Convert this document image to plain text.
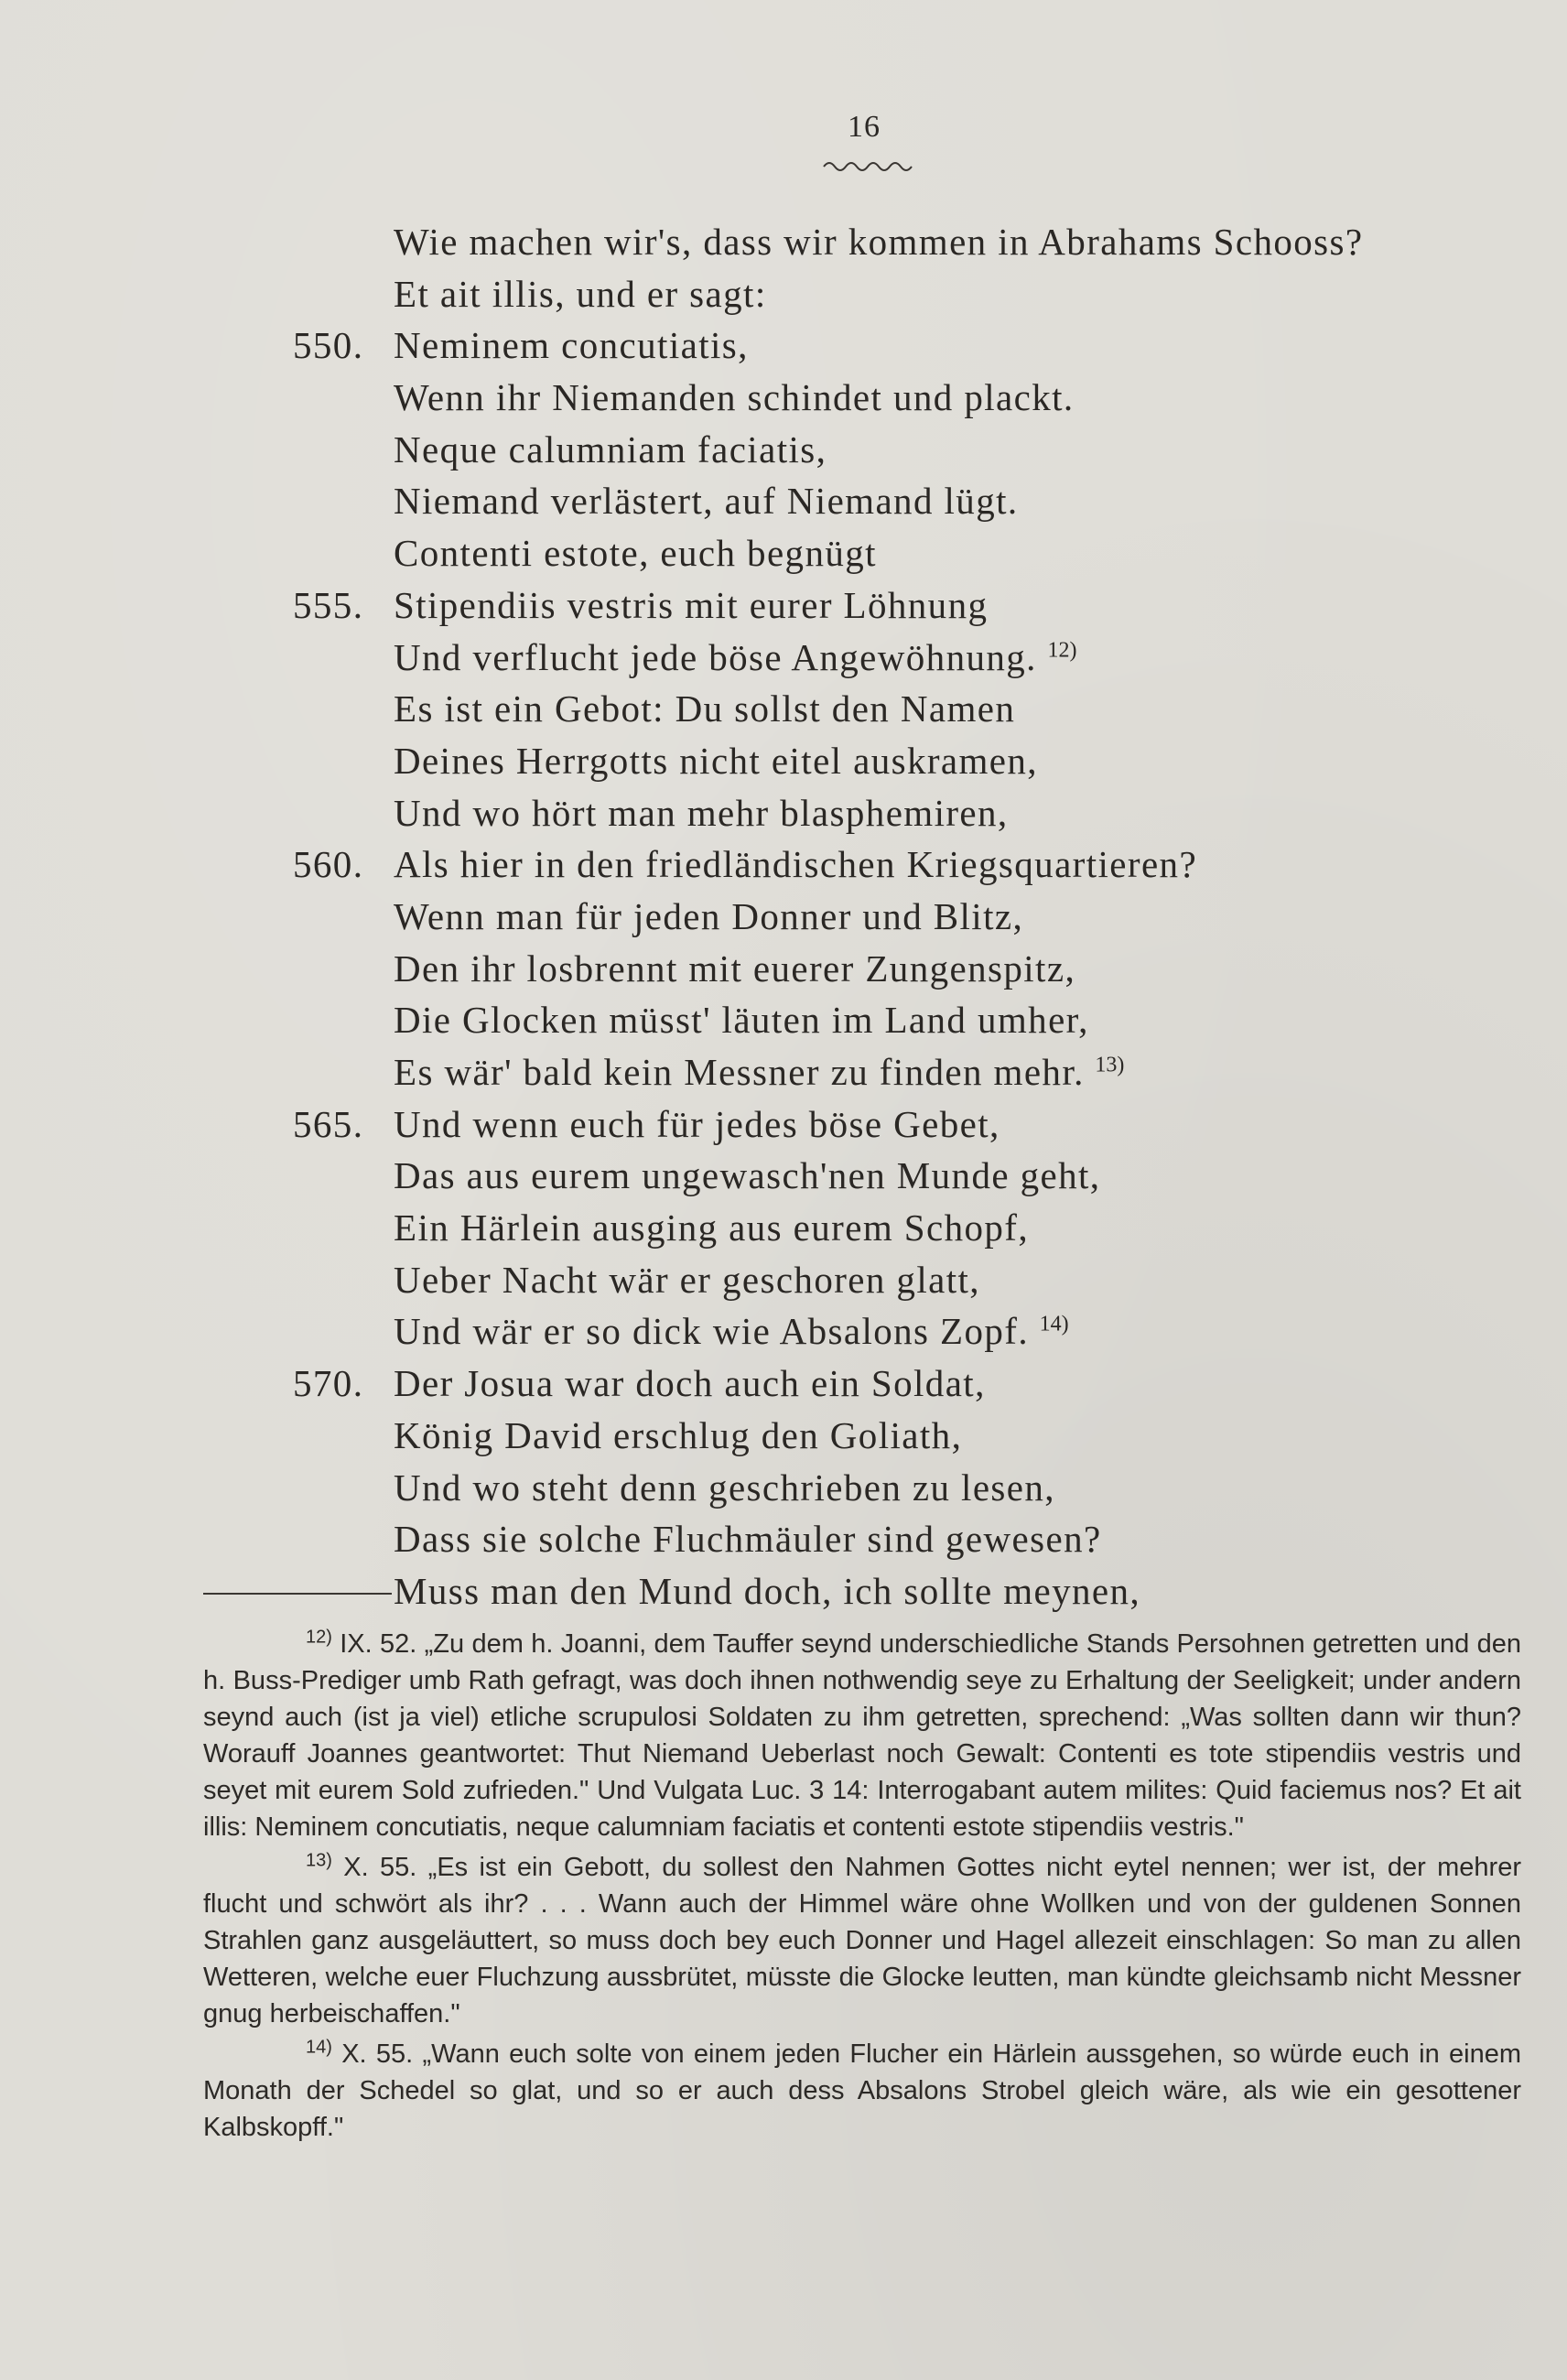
16
Wie machen wir's, dass wir kommen in Abrahams Schooss?
Et ait illis, und er sagt:
550. Neminem concutiatis,
Wenn ihr Niemanden schindet und plackt.
Neque calumniam faciatis,
Niemand verlästert, auf Niemand lügt.
Contenti estote, euch begnügt
555. Stipendiis vestris mit eurer Löhnung
Und verflucht jede böse Angewöhnung. $^{12)}$
Es ist ein Gebot: Du sollst den Namen
Deines Herrgotts nicht eitel auskramen,
Und wo hört man mehr blasphemiren,
560. Als hier in den friedländischen Kriegsquartieren?
Wenn man für jeden Donner und Blitz,
Den ihr losbrennt mit euerer Zungenspitz,
Die Glocken müsst' läuten im Land umher,
Es wär' bald kein Messner zu finden mehr. $^{13)}$
565. Und wenn euch für jedes böse Gebet,
Das aus eurem ungewasch'nen Munde geht,
Ein Härlein ausging aus eurem Schopf,
Ueber Nacht wär er geschoren glatt,
Und wär er so dick wie Absalons Zopf. $^{14)}$
570. Der Josua war doch auch ein Soldat,
König David erschlug den Goliath,
Und wo steht denn geschrieben zu lesen,
Dass sie solche Fluchmäuler sind gewesen?
Muss man den Mund doch, ich sollte meynen,

$^{12)}$ IX. 52. „Zu dem h. Joanni, dem Tauffer seynd underschiedliche Stands Persohnen getretten und den h. Buss-Prediger umb Rath gefragt, was doch ihnen nothwendig seye zu Erhaltung der Seeligkeit; under andern seynd auch (ist ja viel) etliche scrupulosi Soldaten zu ihm getretten, sprechend: „Was sollten dann wir thun? Worauff Joannes geantwortet: Thut Niemand Ueberlast noch Gewalt: Contenti es tote stipendiis vestris und seyet mit eurem Sold zufrieden." Und Vulgata Luc. 3 14: Interrogabant autem milites: Quid faciemus nos? Et ait illis: Neminem concutiatis, neque calumniam faciatis et contenti estote stipendiis vestris."

$^{13)}$ X. 55. „Es ist ein Gebott, du sollest den Nahmen Gottes nicht eytel nennen; wer ist, der mehrer flucht und schwört als ihr? . . . Wann auch der Himmel wäre ohne Wollken und von der guldenen Sonnen Strahlen ganz ausgeläuttert, so muss doch bey euch Donner und Hagel allezeit einschlagen: So man zu allen Wetteren, welche euer Fluchzung aussbrütet, müsste die Glocke leutten, man kündte gleichsamb nicht Messner gnug herbeischaffen."

$^{14)}$ X. 55. „Wann euch solte von einem jeden Flucher ein Härlein aussgehen, so würde euch in einem Monath der Schedel so glat, und so er auch dess Absalons Strobel gleich wäre, als wie ein gesottener Kalbskopff."
